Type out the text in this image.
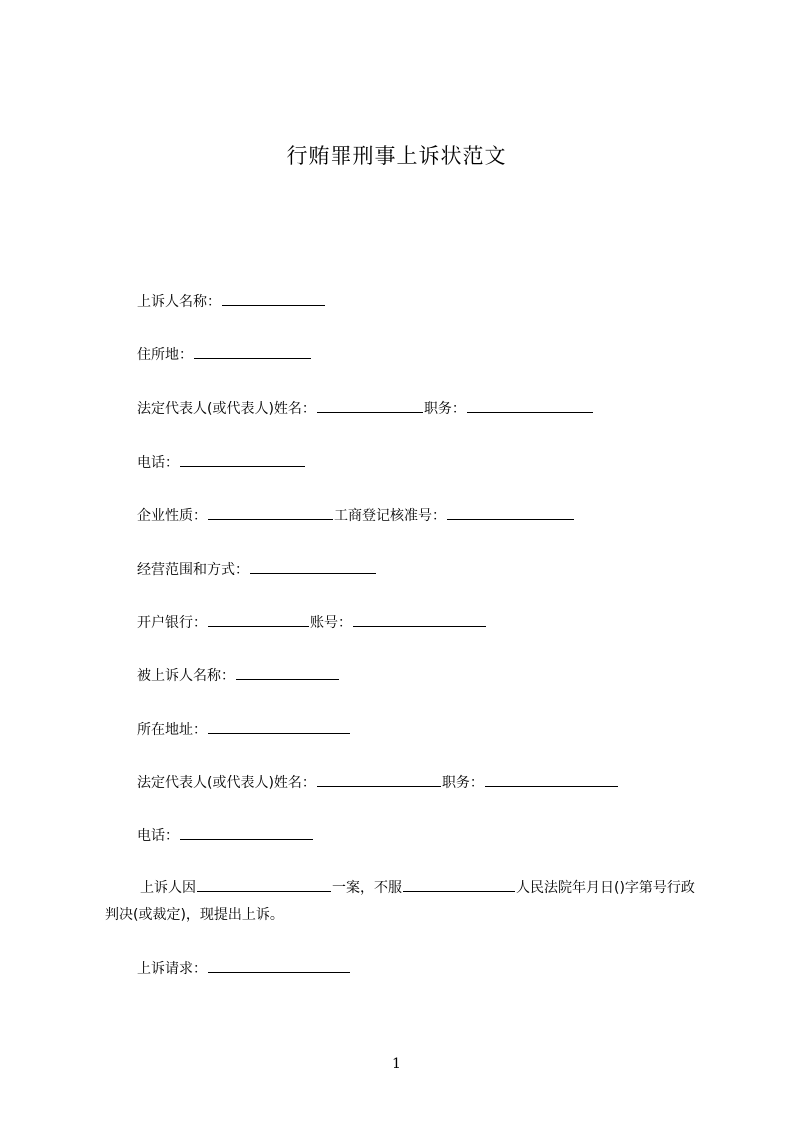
行贿罪刑事上诉状范文
上诉人名称：
住所地：
法定代表人(或代表人)姓名：	职务：
电话：
企业性质：	工商登记核准号：
经营范围和方式：
开户银行：	账号：
被上诉人名称：
所在地址：
法定代表人(或代表人)姓名：	职务：
电话：
上诉人因	一案，不服	人民法院年月日()字第号行政判决(或裁定)，现提出上诉。
上诉请求：
1
